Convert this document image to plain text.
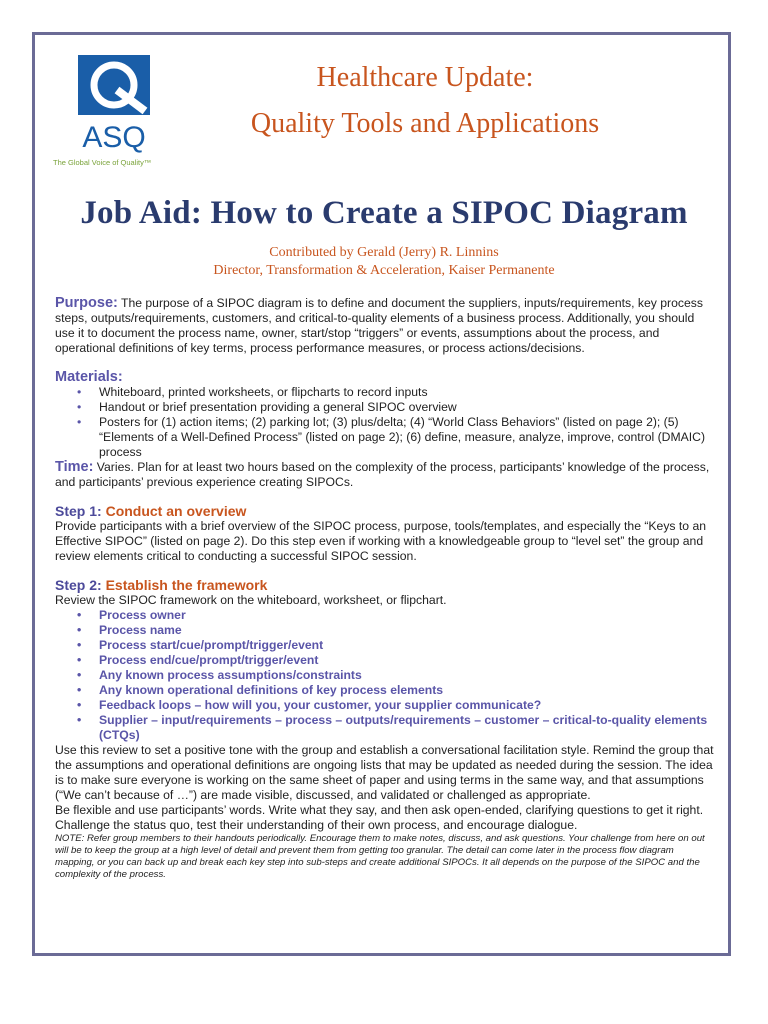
ASQ
The Global Voice of Quality™
Healthcare Update:
Quality Tools and Applications
Job Aid: How to Create a SIPOC Diagram
Contributed by Gerald (Jerry) R. Linnins
Director, Transformation & Acceleration, Kaiser Permanente

Purpose: The purpose of a SIPOC diagram is to define and document the suppliers, inputs/requirements, key process steps, outputs/requirements, customers, and critical-to-quality elements of a business process. Additionally, you should use it to document the process name, owner, start/stop “triggers” or events, assumptions about the process, and operational definitions of key terms, process performance measures, or process actions/decisions.

Materials:
• Whiteboard, printed worksheets, or flipcharts to record inputs
• Handout or brief presentation providing a general SIPOC overview
• Posters for (1) action items; (2) parking lot; (3) plus/delta; (4) “World Class Behaviors” (listed on page 2); (5) “Elements of a Well-Defined Process” (listed on page 2); (6) define, measure, analyze, improve, control (DMAIC) process

Time: Varies. Plan for at least two hours based on the complexity of the process, participants’ knowledge of the process, and participants’ previous experience creating SIPOCs.

Step 1: Conduct an overview

Provide participants with a brief overview of the SIPOC process, purpose, tools/templates, and especially the “Keys to an Effective SIPOC” (listed on page 2). Do this step even if working with a knowledgeable group to “level set” the group and review elements critical to conducting a successful SIPOC session.

Step 2: Establish the framework

Review the SIPOC framework on the whiteboard, worksheet, or flipchart.

• Process owner
• Process name
• Process start/cue/prompt/trigger/event
• Process end/cue/prompt/trigger/event
• Any known process assumptions/constraints
• Any known operational definitions of key process elements
• Feedback loops – how will you, your customer, your supplier communicate?
• Supplier – input/requirements – process – outputs/requirements – customer – critical-to-quality elements (CTQs)

Use this review to set a positive tone with the group and establish a conversational facilitation style. Remind the group that the assumptions and operational definitions are ongoing lists that may be updated as needed during the session. The idea is to make sure everyone is working on the same sheet of paper and using terms in the same way, and that assumptions (“We can’t because of …”) are made visible, discussed, and validated or challenged as appropriate.

Be flexible and use participants’ words. Write what they say, and then ask open-ended, clarifying questions to get it right. Challenge the status quo, test their understanding of their own process, and encourage dialogue.

NOTE: Refer group members to their handouts periodically. Encourage them to make notes, discuss, and ask questions. Your challenge from here on out will be to keep the group at a high level of detail and prevent them from getting too granular. The detail can come later in the process flow diagram mapping, or you can back up and break each key step into sub-steps and create additional SIPOCs. It all depends on the purpose of the SIPOC and the complexity of the process.
